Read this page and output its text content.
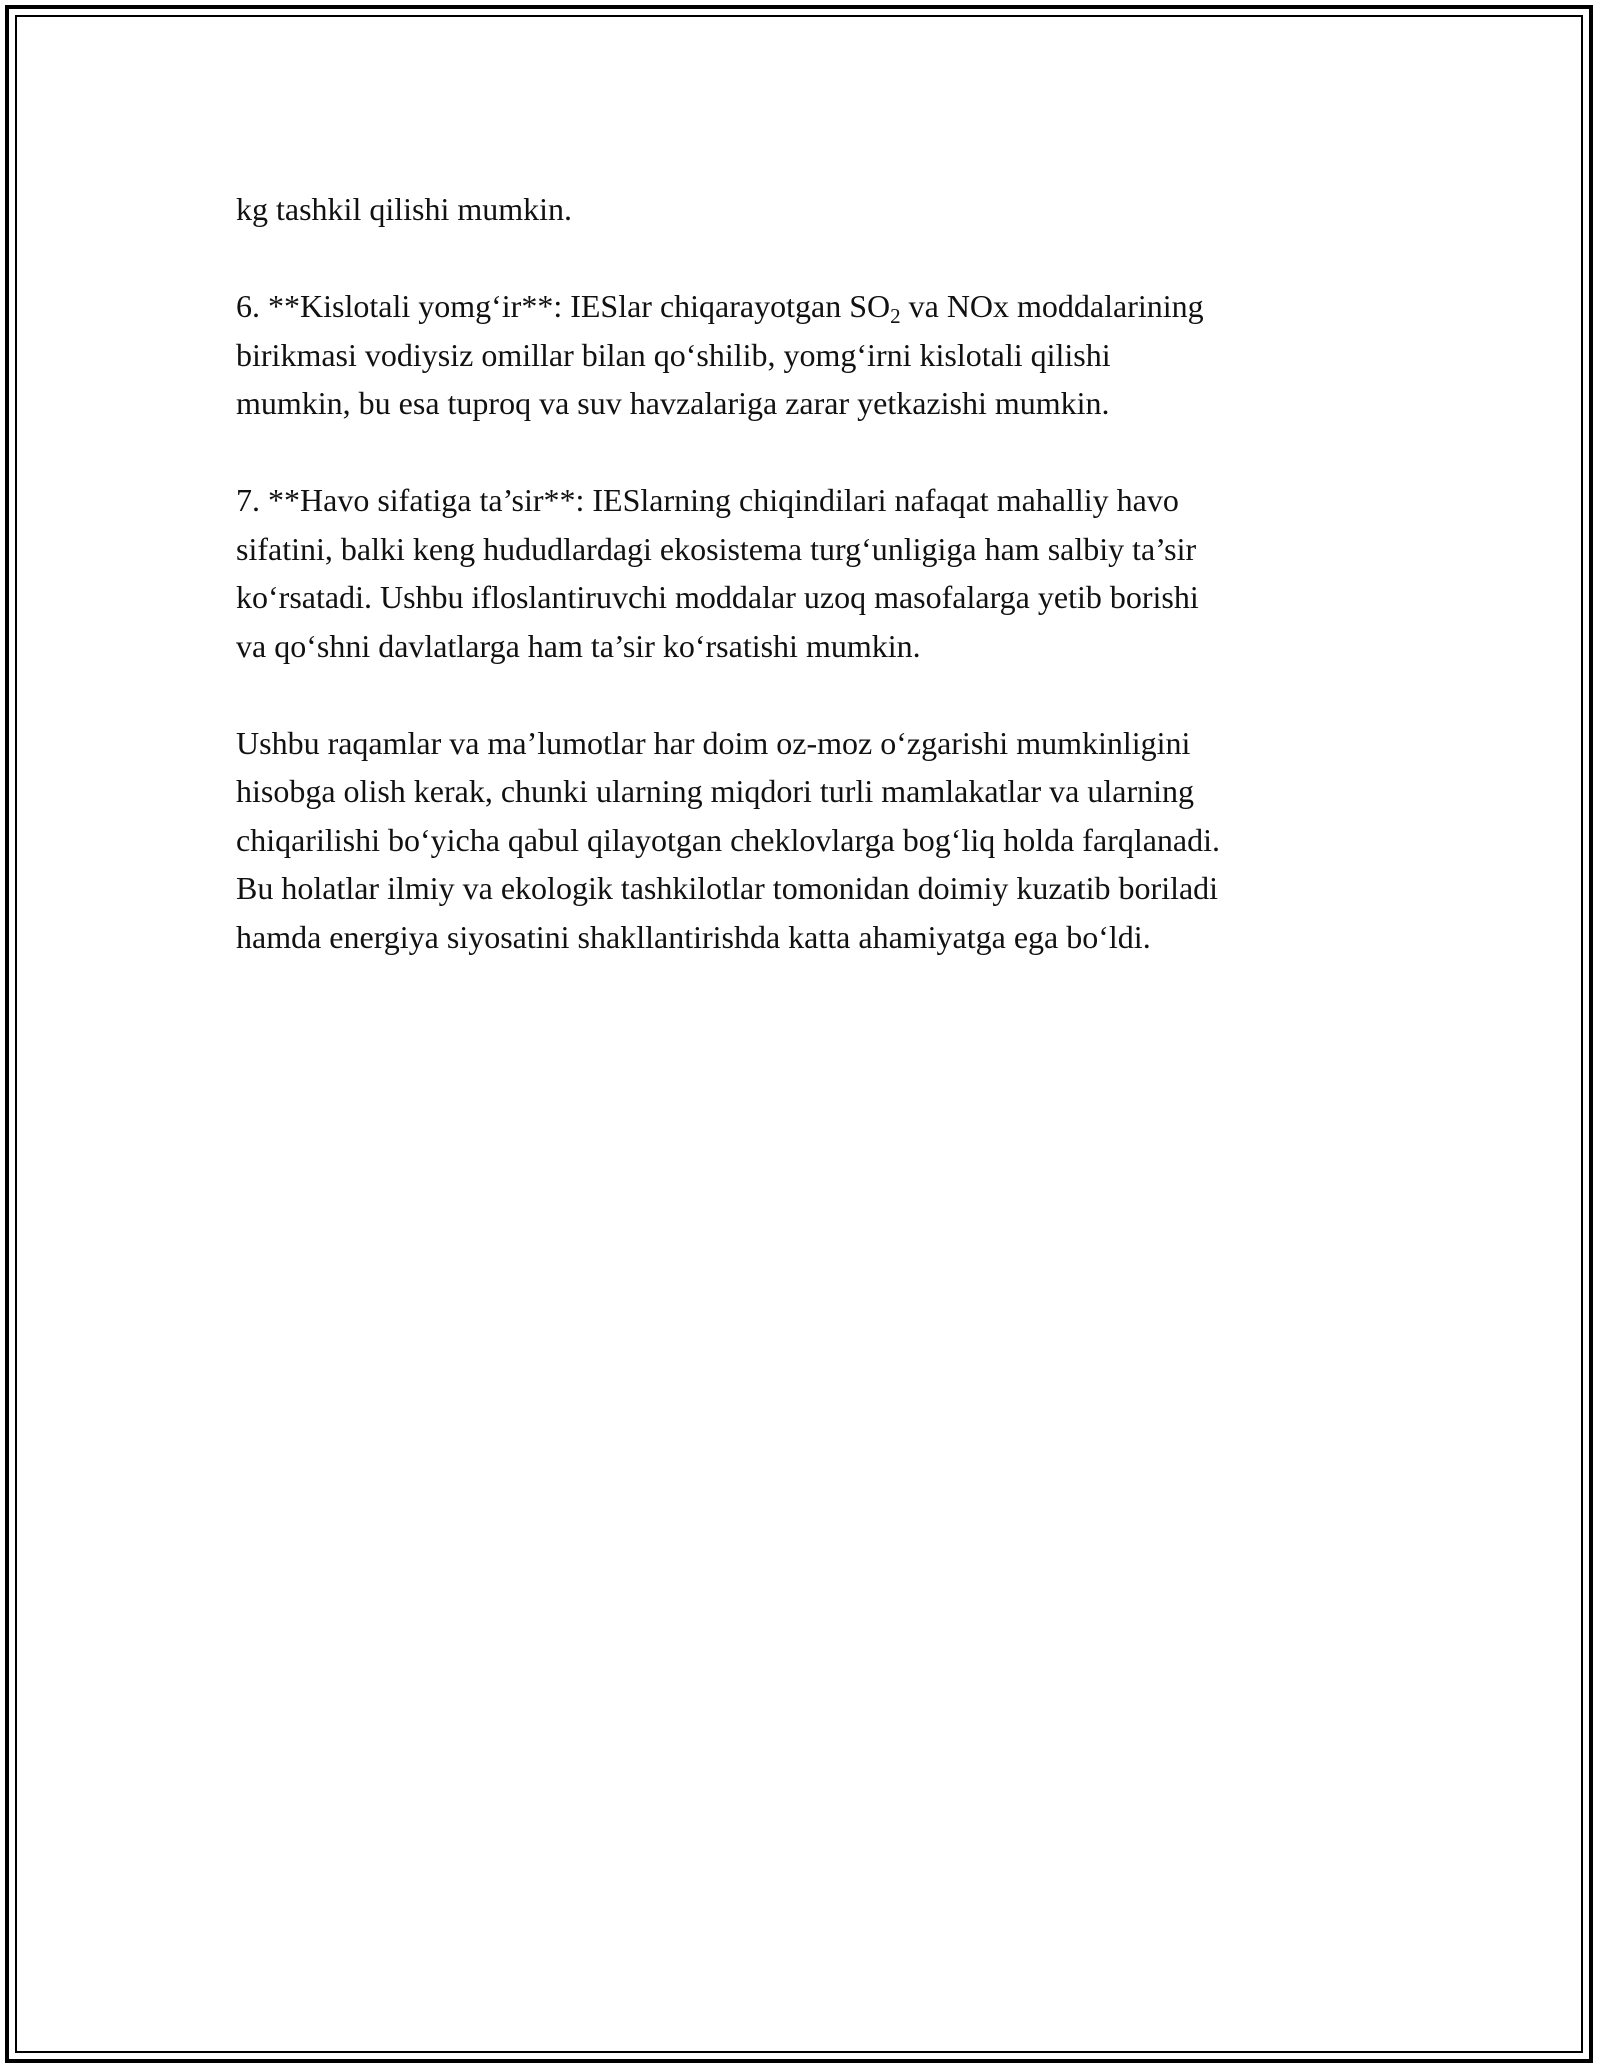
kg tashkil qilishi mumkin.

6. **Kislotali yomg‘ir**: IESlar chiqarayotgan $SO_2$ va NOx moddalarining
birikmasi vodiysiz omillar bilan qo‘shilib, yomg‘irni kislotali qilishi
mumkin, bu esa tuproq va suv havzalariga zarar yetkazishi mumkin.

7. **Havo sifatiga ta’sir**: IESlarning chiqindilari nafaqat mahalliy havo
sifatini, balki keng hududlardagi ekosistema turg‘unligiga ham salbiy ta’sir
ko‘rsatadi. Ushbu ifloslantiruvchi moddalar uzoq masofalarga yetib borishi
va qo‘shni davlatlarga ham ta’sir ko‘rsatishi mumkin.

Ushbu raqamlar va ma’lumotlar har doim oz-moz o‘zgarishi mumkinligini
hisobga olish kerak, chunki ularning miqdori turli mamlakatlar va ularning
chiqarilishi bo‘yicha qabul qilayotgan cheklovlarga bog‘liq holda farqlanadi.
Bu holatlar ilmiy va ekologik tashkilotlar tomonidan doimiy kuzatib boriladi
hamda energiya siyosatini shakllantirishda katta ahamiyatga ega bo‘ldi.
